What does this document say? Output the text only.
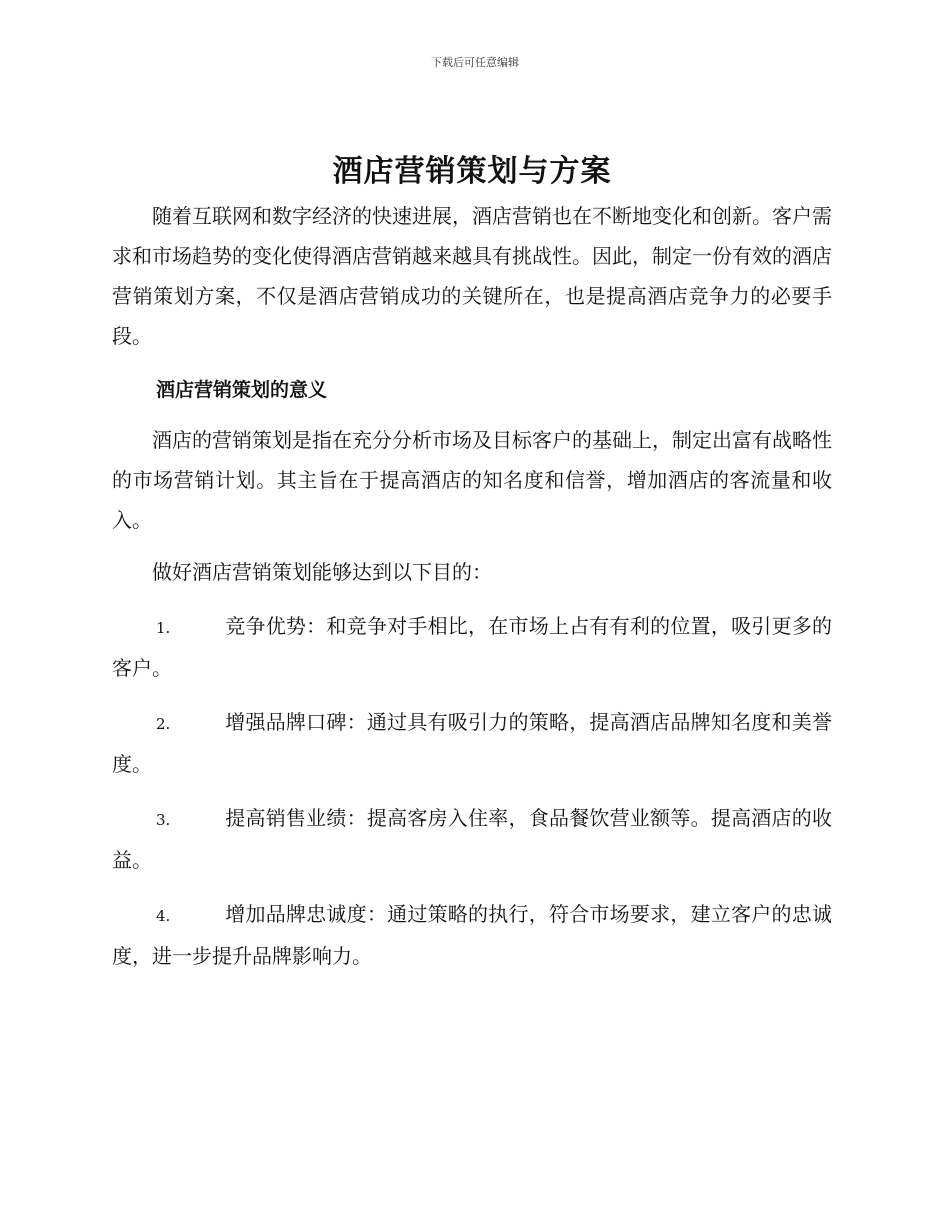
下载后可任意编辑
酒店营销策划与方案

随着互联网和数字经济的快速进展，酒店营销也在不断地变化和创新。客户需求和市场趋势的变化使得酒店营销越来越具有挑战性。因此，制定一份有效的酒店营销策划方案，不仅是酒店营销成功的关键所在，也是提高酒店竞争力的必要手段。

酒店营销策划的意义

酒店的营销策划是指在充分分析市场及目标客户的基础上，制定出富有战略性的市场营销计划。其主旨在于提高酒店的知名度和信誉，增加酒店的客流量和收入。

做好酒店营销策划能够达到以下目的：

1.	竞争优势：和竞争对手相比，在市场上占有有利的位置，吸引更多的客户。

2.	增强品牌口碑：通过具有吸引力的策略，提高酒店品牌知名度和美誉度。

3.	提高销售业绩：提高客房入住率，食品餐饮营业额等。提高酒店的收益。

4.	增加品牌忠诚度：通过策略的执行，符合市场要求，建立客户的忠诚度，进一步提升品牌影响力。
